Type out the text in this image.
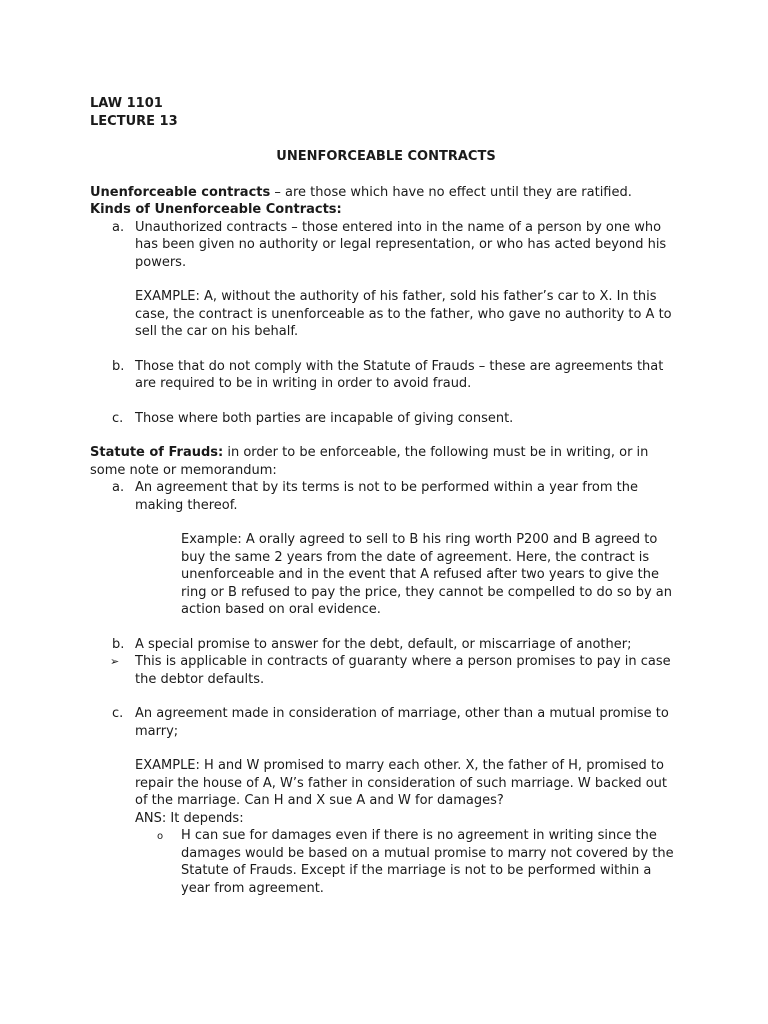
LAW 1101

LECTURE 13

UNENFORCEABLE CONTRACTS

Unenforceable contracts – are those which have no effect until they are ratified.

Kinds of Unenforceable Contracts:

a. Unauthorized contracts – those entered into in the name of a person by one who has been given no authority or legal representation, or who has acted beyond his powers.

EXAMPLE: A, without the authority of his father, sold his father’s car to X. In this case, the contract is unenforceable as to the father, who gave no authority to A to sell the car on his behalf.

b. Those that do not comply with the Statute of Frauds – these are agreements that are required to be in writing in order to avoid fraud.

c. Those where both parties are incapable of giving consent.

Statute of Frauds: in order to be enforceable, the following must be in writing, or in some note or memorandum:

a. An agreement that by its terms is not to be performed within a year from the making thereof.

Example: A orally agreed to sell to B his ring worth P200 and B agreed to buy the same 2 years from the date of agreement. Here, the contract is unenforceable and in the event that A refused after two years to give the ring or B refused to pay the price, they cannot be compelled to do so by an action based on oral evidence.

b. A special promise to answer for the debt, default, or miscarriage of another;

➢ This is applicable in contracts of guaranty where a person promises to pay in case the debtor defaults.

c. An agreement made in consideration of marriage, other than a mutual promise to marry;

EXAMPLE: H and W promised to marry each other. X, the father of H, promised to repair the house of A, W’s father in consideration of such marriage. W backed out of the marriage. Can H and X sue A and W for damages?

ANS: It depends:

o H can sue for damages even if there is no agreement in writing since the damages would be based on a mutual promise to marry not covered by the Statute of Frauds. Except if the marriage is not to be performed within a year from agreement.
